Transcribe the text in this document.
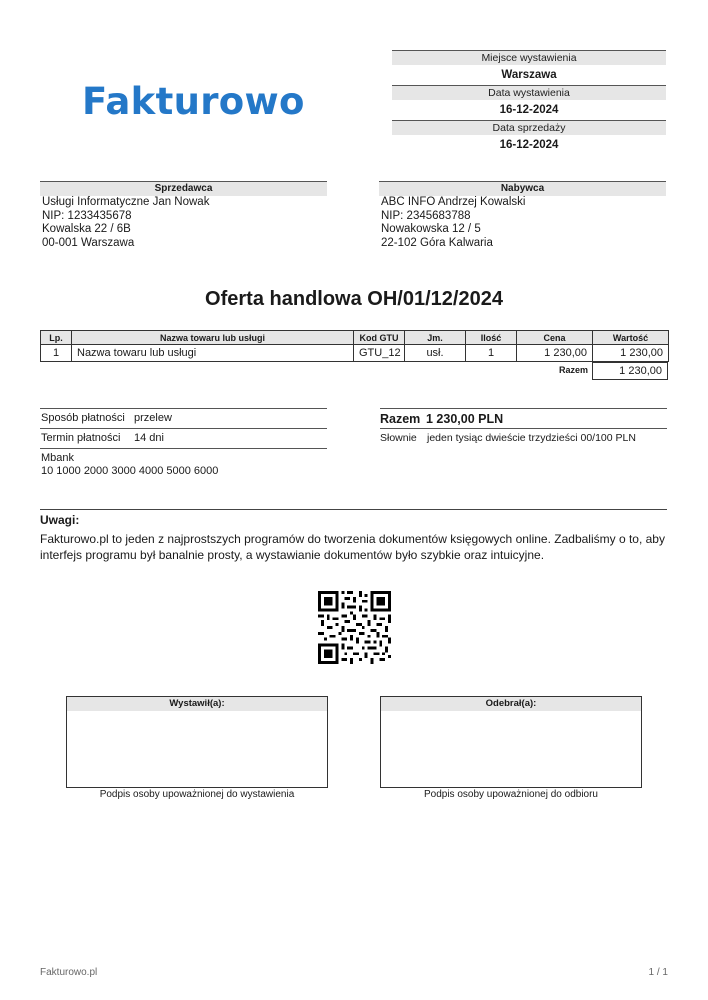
Fakturowo
Miejsce wystawienia
Warszawa
Data wystawienia
16-12-2024
Data sprzedaży
16-12-2024
Sprzedawca
Usługi Informatyczne Jan Nowak
NIP: 1233435678
Kowalska 22 / 6B
00-001 Warszawa
Nabywca
ABC INFO Andrzej Kowalski
NIP: 2345683788
Nowakowska 12 / 5
22-102 Góra Kalwaria
Oferta handlowa OH/01/12/2024
Lp.	Nazwa towaru lub usługi	Kod GTU	Jm.	Ilość	Cena	Wartość
1	Nazwa towaru lub usługi	GTU_12	usł.	1	1 230,00	1 230,00
Razem	1 230,00
Sposób płatności przelew
Termin płatności 14 dni
Mbank
10 1000 2000 3000 4000 5000 6000
Razem 1 230,00 PLN
Słownie jeden tysiąc dwieście trzydzieści 00/100 PLN
Uwagi:
Fakturowo.pl to jeden z najprostszych programów do tworzenia dokumentów księgowych online. Zadbaliśmy o to, aby interfejs programu był banalnie prosty, a wystawianie dokumentów było szybkie oraz intuicyjne.
Wystawił(a):
Podpis osoby upoważnionej do wystawienia
Odebrał(a):
Podpis osoby upoważnionej do odbioru
Fakturowo.pl	1 / 1
